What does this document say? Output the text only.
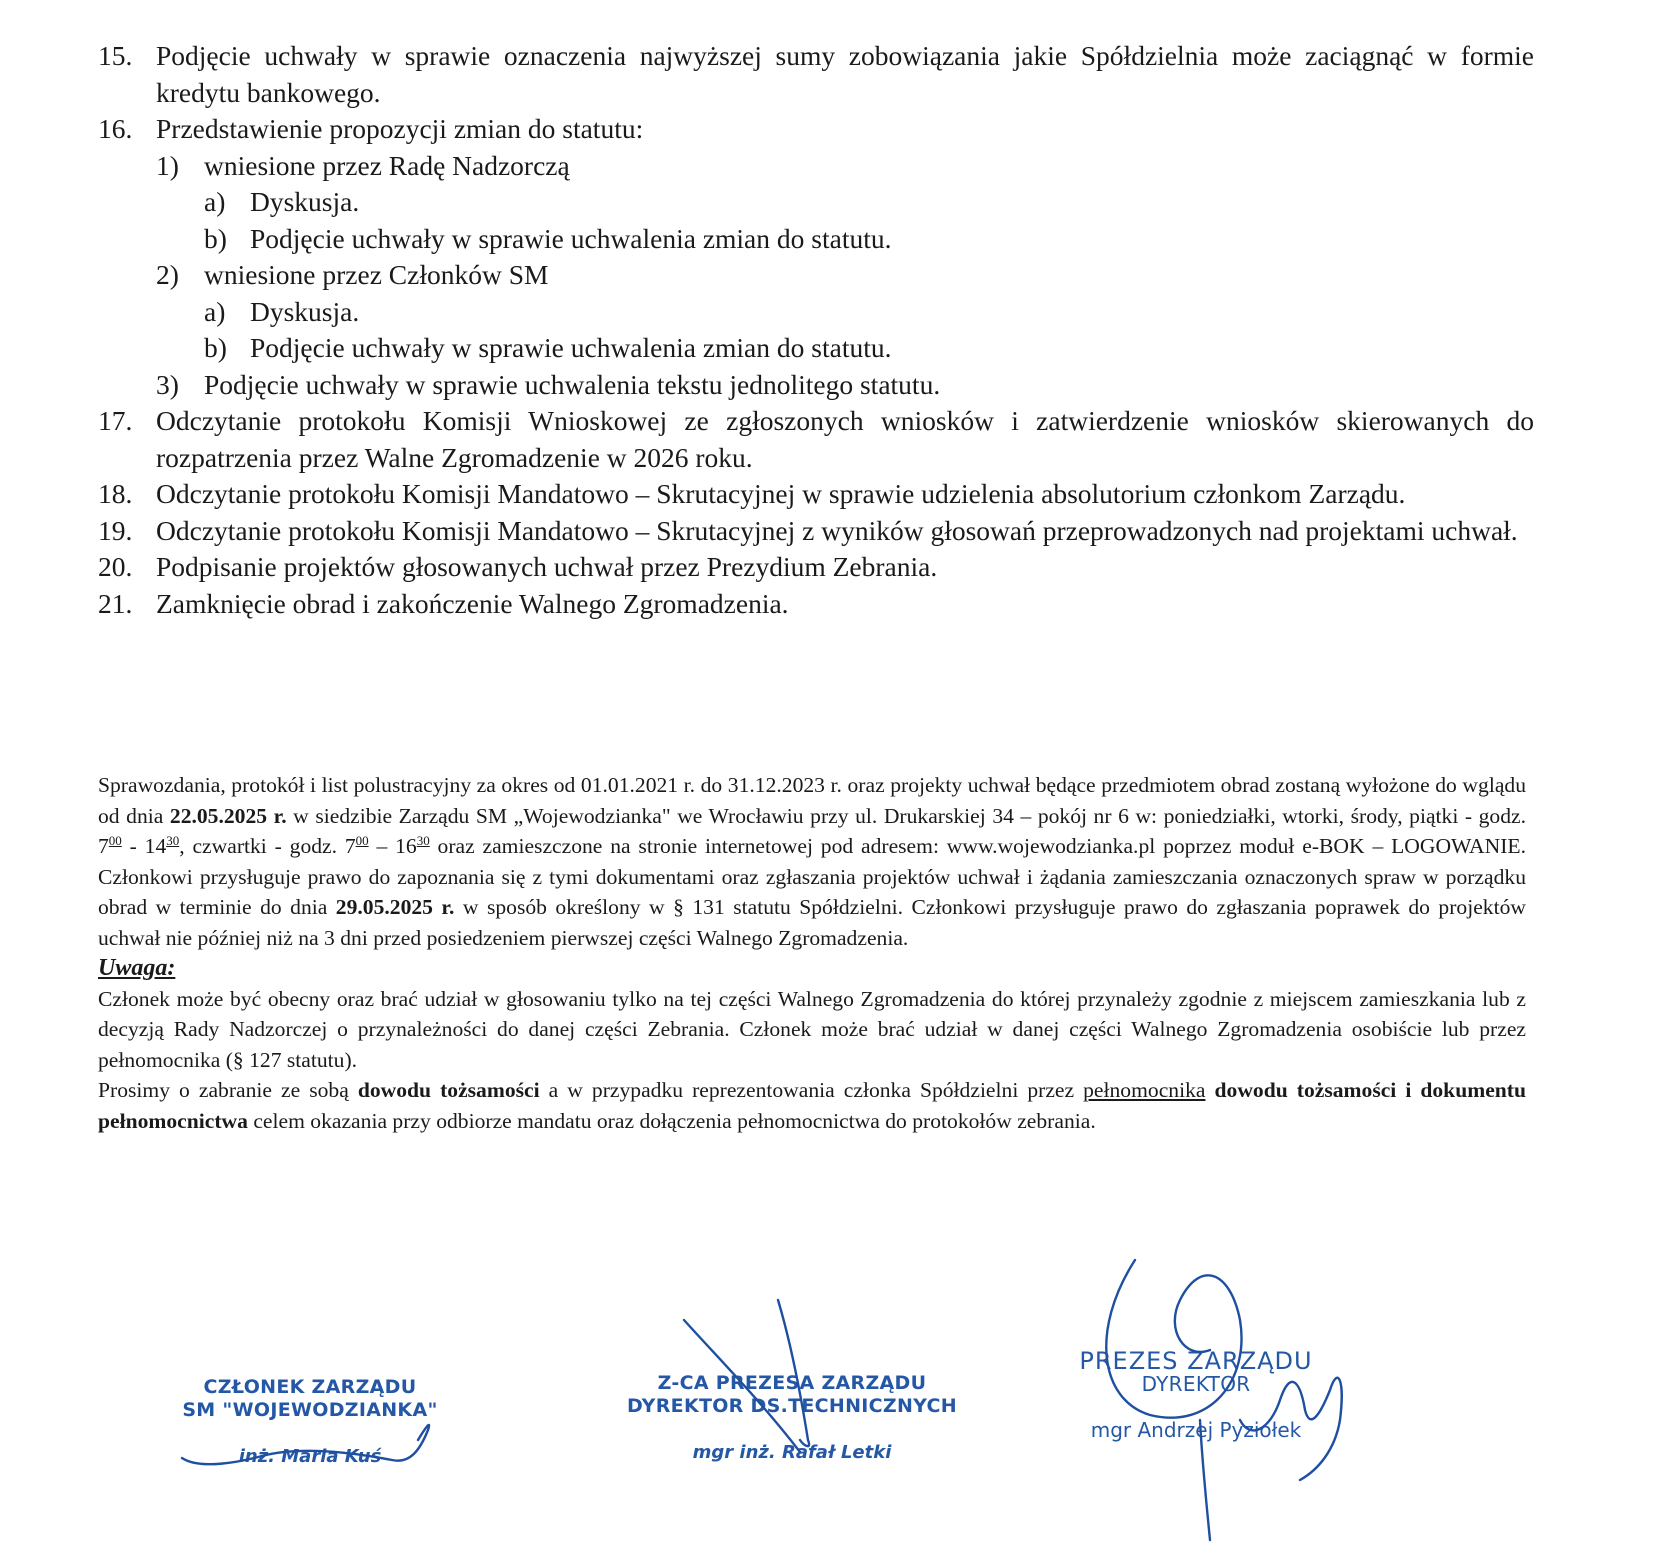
15. Podjęcie uchwały w sprawie oznaczenia najwyższej sumy zobowiązania jakie Spółdzielnia może zaciągnąć w formie kredytu bankowego.
16. Przedstawienie propozycji zmian do statutu:
1) wniesione przez Radę Nadzorczą
a) Dyskusja.
b) Podjęcie uchwały w sprawie uchwalenia zmian do statutu.
2) wniesione przez Członków SM
a) Dyskusja.
b) Podjęcie uchwały w sprawie uchwalenia zmian do statutu.
3) Podjęcie uchwały w sprawie uchwalenia tekstu jednolitego statutu.
17. Odczytanie protokołu Komisji Wnioskowej ze zgłoszonych wniosków i zatwierdzenie wniosków skierowanych do rozpatrzenia przez Walne Zgromadzenie w 2026 roku.
18. Odczytanie protokołu Komisji Mandatowo – Skrutacyjnej w sprawie udzielenia absolutorium członkom Zarządu.
19. Odczytanie protokołu Komisji Mandatowo – Skrutacyjnej z wyników głosowań przeprowadzonych nad projektami uchwał.
20. Podpisanie projektów głosowanych uchwał przez Prezydium Zebrania.
21. Zamknięcie obrad i zakończenie Walnego Zgromadzenia.

Sprawozdania, protokół i list polustracyjny za okres od 01.01.2021 r. do 31.12.2023 r. oraz projekty uchwał będące przedmiotem obrad zostaną wyłożone do wglądu od dnia 22.05.2025 r. w siedzibie Zarządu SM „Wojewodzianka" we Wrocławiu przy ul. Drukarskiej 34 – pokój nr 6 w: poniedziałki, wtorki, środy, piątki - godz. $7^{00} - 14^{30}$, czwartki - godz. $7^{00} - 16^{30}$ oraz zamieszczone na stronie internetowej pod adresem: www.wojewodzianka.pl poprzez moduł e-BOK – LOGOWANIE. Członkowi przysługuje prawo do zapoznania się z tymi dokumentami oraz zgłaszania projektów uchwał i żądania zamieszczania oznaczonych spraw w porządku obrad w terminie do dnia 29.05.2025 r. w sposób określony w § 131 statutu Spółdzielni. Członkowi przysługuje prawo do zgłaszania poprawek do projektów uchwał nie później niż na 3 dni przed posiedzeniem pierwszej części Walnego Zgromadzenia.

Uwaga:

Członek może być obecny oraz brać udział w głosowaniu tylko na tej części Walnego Zgromadzenia do której przynależy zgodnie z miejscem zamieszkania lub z decyzją Rady Nadzorczej o przynależności do danej części Zebrania. Członek może brać udział w danej części Walnego Zgromadzenia osobiście lub przez pełnomocnika (§ 127 statutu).

Prosimy o zabranie ze sobą dowodu tożsamości a w przypadku reprezentowania członka Spółdzielni przez pełnomocnika dowodu tożsamości i dokumentu pełnomocnictwa celem okazania przy odbiorze mandatu oraz dołączenia pełnomocnictwa do protokołów zebrania.

CZŁONEK ZARZĄDU
SM "WOJEWODZIANKA"
inż. Maria Kuś
Z-CA PREZESA ZARZĄDU
DYREKTOR DS.TECHNICZNYCH
mgr inż. Rafał Letki
PREZES ZARZĄDU
DYREKTOR
mgr Andrzej Pyziołek
